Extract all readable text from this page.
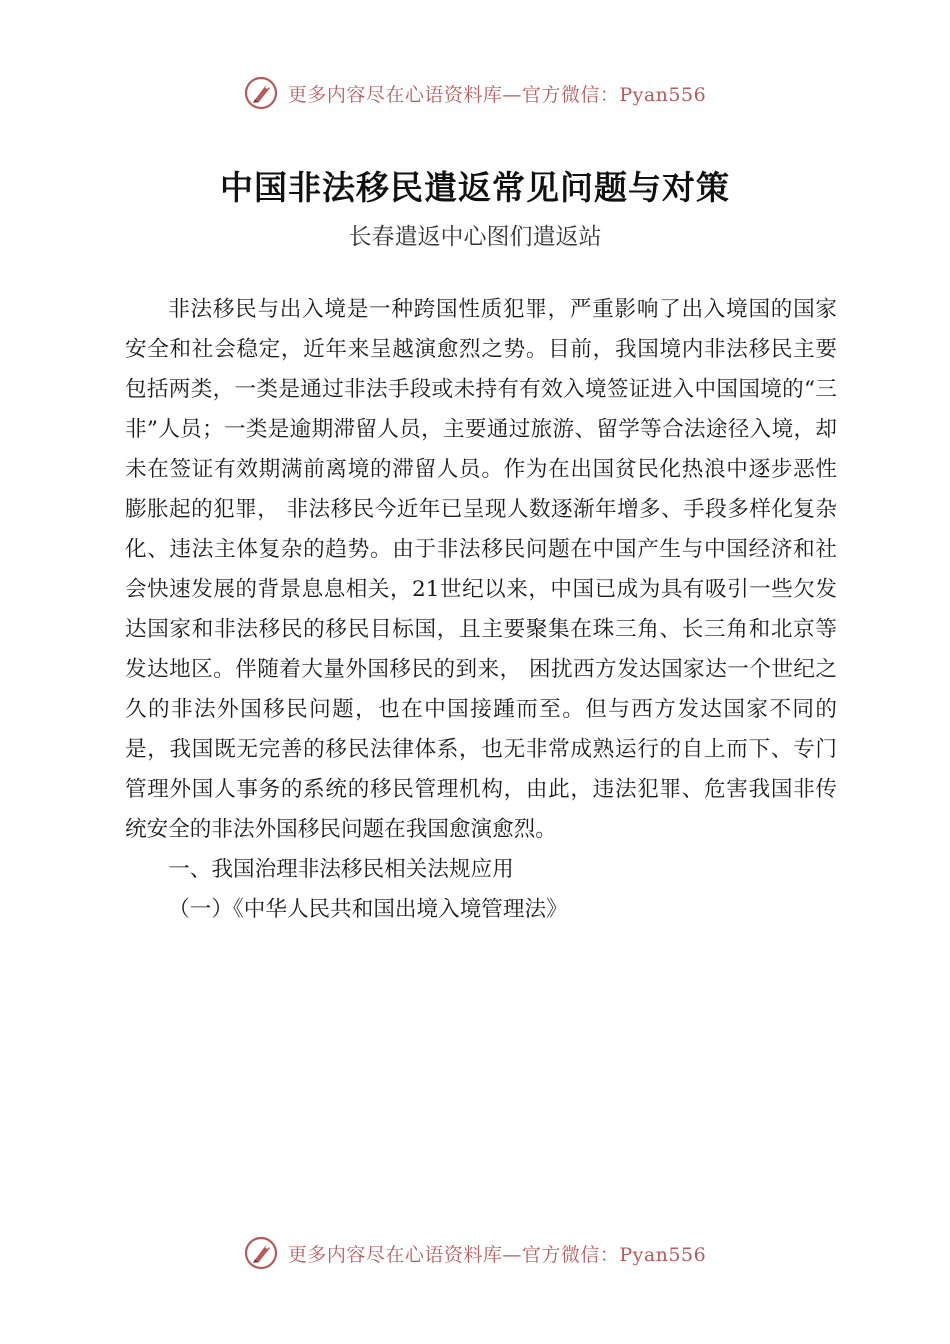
更多内容尽在心语资料库—官方微信：Pyan556
中国非法移民遣返常见问题与对策
长春遣返中心图们遣返站

非法移民与出入境是一种跨国性质犯罪，严重影响了出入境国的国家安全和社会稳定，近年来呈越演愈烈之势。目前，我国境内非法移民主要包括两类，一类是通过非法手段或未持有有效入境签证进入中国国境的“三非”人员；一类是逾期滞留人员，主要通过旅游、留学等合法途径入境，却未在签证有效期满前离境的滞留人员。作为在出国贫民化热浪中逐步恶性膨胀起的犯罪， 非法移民今近年已呈现人数逐渐年增多、手段多样化复杂化、违法主体复杂的趋势。由于非法移民问题在中国产生与中国经济和社会快速发展的背景息息相关，21世纪以来，中国已成为具有吸引一些欠发达国家和非法移民的移民目标国，且主要聚集在珠三角、长三角和北京等发达地区。伴随着大量外国移民的到来， 困扰西方发达国家达一个世纪之久的非法外国移民问题，也在中国接踵而至。但与西方发达国家不同的是，我国既无完善的移民法律体系，也无非常成熟运行的自上而下、专门管理外国人事务的系统的移民管理机构，由此，违法犯罪、危害我国非传统安全的非法外国移民问题在我国愈演愈烈。

一、我国治理非法移民相关法规应用

（一）《中华人民共和国出境入境管理法》

更多内容尽在心语资料库—官方微信：Pyan556
